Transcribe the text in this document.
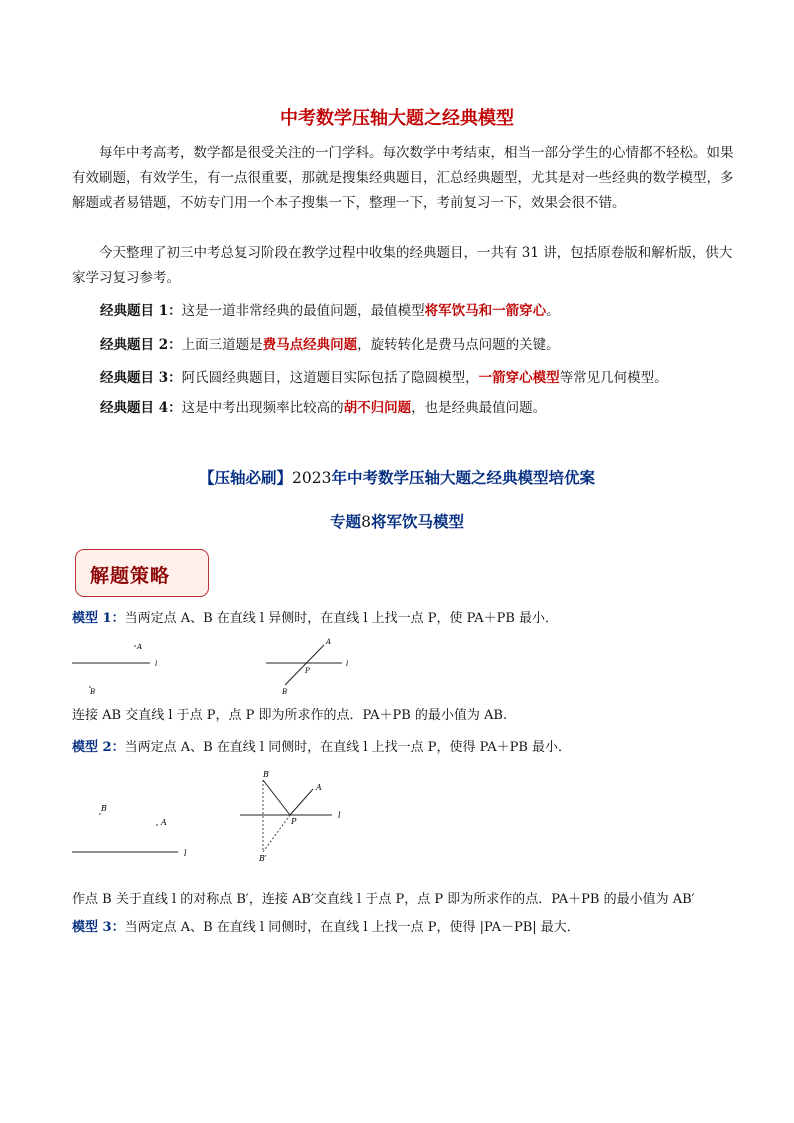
中考数学压轴大题之经典模型
每年中考高考，数学都是很受关注的一门学科。每次数学中考结束，相当一部分学生的心情都不轻松。如果有效刷题，有效学生，有一点很重要，那就是搜集经典题目，汇总经典题型，尤其是对一些经典的数学模型，多解题或者易错题，不妨专门用一个本子搜集一下，整理一下，考前复习一下，效果会很不错。
今天整理了初三中考总复习阶段在教学过程中收集的经典题目，一共有 31 讲，包括原卷版和解析版，供大家学习复习参考。
经典题目 1：这是一道非常经典的最值问题，最值模型将军饮马和一箭穿心。
经典题目 2：上面三道题是费马点经典问题，旋转转化是费马点问题的关键。
经典题目 3：阿氏圆经典题目，这道题目实际包括了隐圆模型，一箭穿心模型等常见几何模型。
经典题目 4：这是中考出现频率比较高的胡不归问题，也是经典最值问题。
【压轴必刷】2023年中考数学压轴大题之经典模型培优案
专题8将军饮马模型
解题策略
模型 1：当两定点 A、B 在直线 l 异侧时，在直线 l 上找一点 P，使 PA＋PB 最小．
l
A
B
l
A
B
P
连接 AB 交直线 l 于点 P，点 P 即为所求作的点．PA＋PB 的最小值为 AB.
模型 2：当两定点 A、B 在直线 l 同侧时，在直线 l 上找一点 P，使得 PA＋PB 最小．
B
A
l
l
B
A
P
B′
作点 B 关于直线 l 的对称点 B′，连接 AB′交直线 l 于点 P，点 P 即为所求作的点．PA＋PB 的最小值为 AB′
模型 3：当两定点 A、B 在直线 l 同侧时，在直线 l 上找一点 P，使得 |PA－PB| 最大．
